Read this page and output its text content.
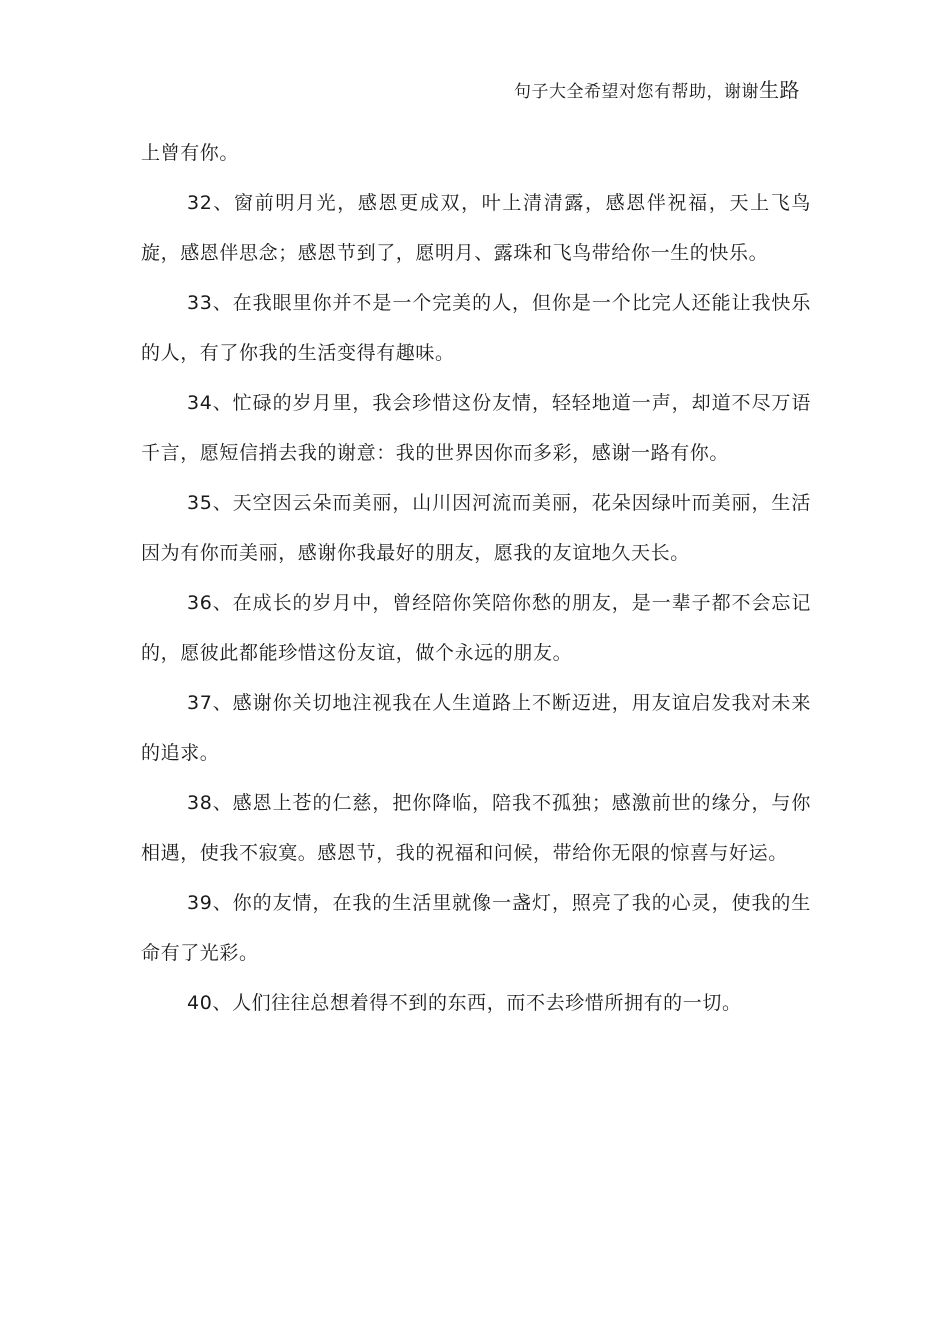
句子大全希望对您有帮助，谢谢生路

上曾有你。

32、窗前明月光，感恩更成双，叶上清清露，感恩伴祝福，天上飞鸟旋，感恩伴思念；感恩节到了，愿明月、露珠和飞鸟带给你一生的快乐。

33、在我眼里你并不是一个完美的人，但你是一个比完人还能让我快乐的人，有了你我的生活变得有趣味。

34、忙碌的岁月里，我会珍惜这份友情，轻轻地道一声，却道不尽万语千言，愿短信捎去我的谢意：我的世界因你而多彩，感谢一路有你。

35、天空因云朵而美丽，山川因河流而美丽，花朵因绿叶而美丽，生活因为有你而美丽，感谢你我最好的朋友，愿我的友谊地久天长。

36、在成长的岁月中，曾经陪你笑陪你愁的朋友，是一辈子都不会忘记的，愿彼此都能珍惜这份友谊，做个永远的朋友。

37、感谢你关切地注视我在人生道路上不断迈进，用友谊启发我对未来的追求。

38、感恩上苍的仁慈，把你降临，陪我不孤独；感激前世的缘分，与你相遇，使我不寂寞。感恩节，我的祝福和问候，带给你无限的惊喜与好运。

39、你的友情，在我的生活里就像一盏灯，照亮了我的心灵，使我的生命有了光彩。

40、人们往往总想着得不到的东西，而不去珍惜所拥有的一切。
